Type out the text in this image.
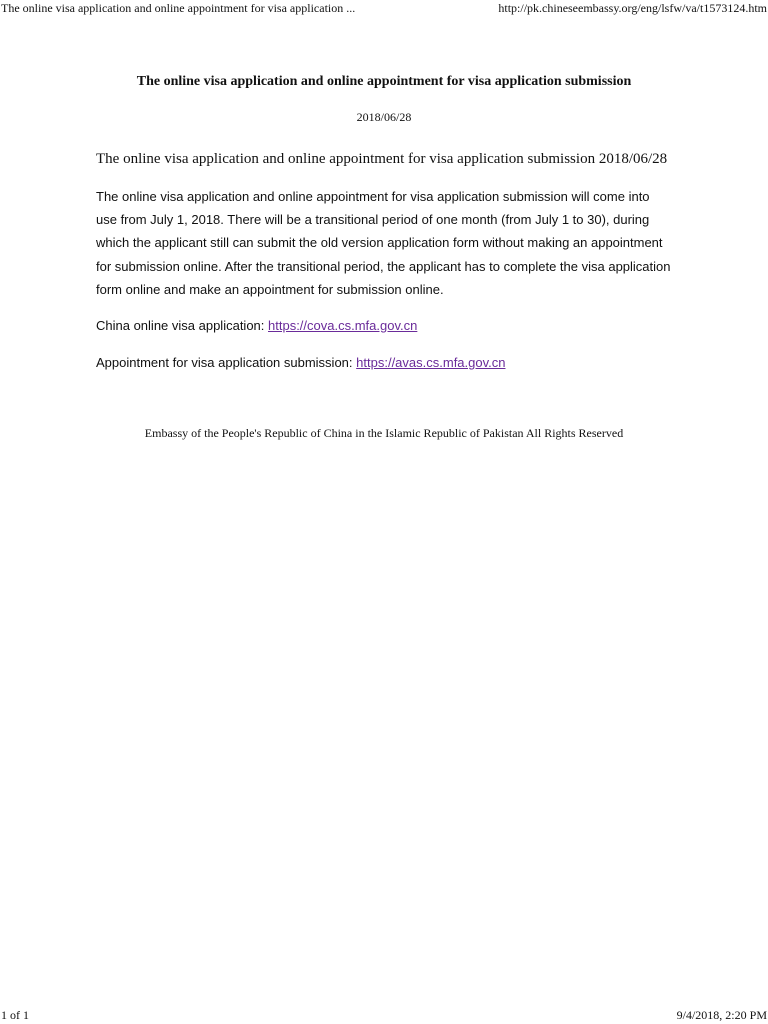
The online visa application and online appointment for visa application ...	http://pk.chineseembassy.org/eng/lsfw/va/t1573124.htm
The online visa application and online appointment for visa application submission
2018/06/28
The online visa application and online appointment for visa application submission 2018/06/28
The online visa application and online appointment for visa application submission will come into use from July 1, 2018. There will be a transitional period of one month (from July 1 to 30), during which the applicant still can submit the old version application form without making an appointment for submission online. After the transitional period, the applicant has to complete the visa application form online and make an appointment for submission online.
China online visa application: https://cova.cs.mfa.gov.cn
Appointment for visa application submission: https://avas.cs.mfa.gov.cn
Embassy of the People's Republic of China in the Islamic Republic of Pakistan All Rights Reserved
1 of 1	9/4/2018, 2:20 PM
